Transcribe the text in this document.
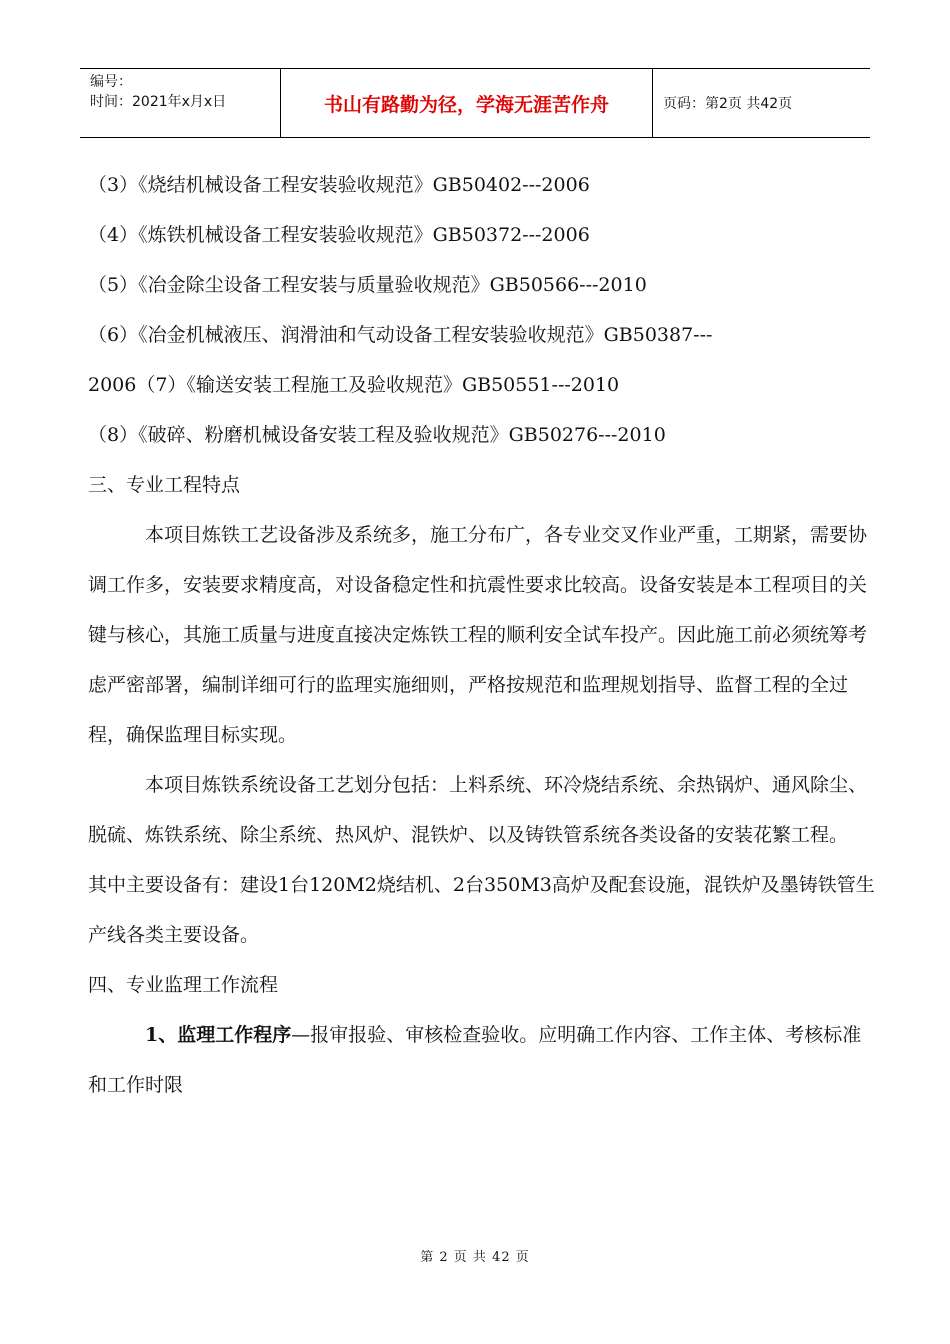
编号：
时间：2021年x月x日	书山有路勤为径，学海无涯苦作舟	页码：第2页 共42页

（3）《烧结机械设备工程安装验收规范》GB50402---2006

（4）《炼铁机械设备工程安装验收规范》GB50372---2006

（5）《冶金除尘设备工程安装与质量验收规范》GB50566---2010

（6）《冶金机械液压、润滑油和气动设备工程安装验收规范》GB50387---

2006（7）《输送安装工程施工及验收规范》GB50551---2010

（8）《破碎、粉磨机械设备安装工程及验收规范》GB50276---2010

三、专业工程特点

本项目炼铁工艺设备涉及系统多，施工分布广，各专业交叉作业严重，工期紧，需要协调工作多，安装要求精度高，对设备稳定性和抗震性要求比较高。设备安装是本工程项目的关键与核心，其施工质量与进度直接决定炼铁工程的顺利安全试车投产。因此施工前必须统筹考虑严密部署，编制详细可行的监理实施细则，严格按规范和监理规划指导、监督工程的全过程，确保监理目标实现。

本项目炼铁系统设备工艺划分包括：上料系统、环冷烧结系统、余热锅炉、通风除尘、脱硫、炼铁系统、除尘系统、热风炉、混铁炉、以及铸铁管系统各类设备的安装花繁工程。

其中主要设备有：建设1台120M2烧结机、2台350M3高炉及配套设施，混铁炉及墨铸铁管生产线各类主要设备。

四、专业监理工作流程

1、监理工作程序—报审报验、审核检查验收。应明确工作内容、工作主体、考核标准和工作时限

第 2 页 共 42 页
